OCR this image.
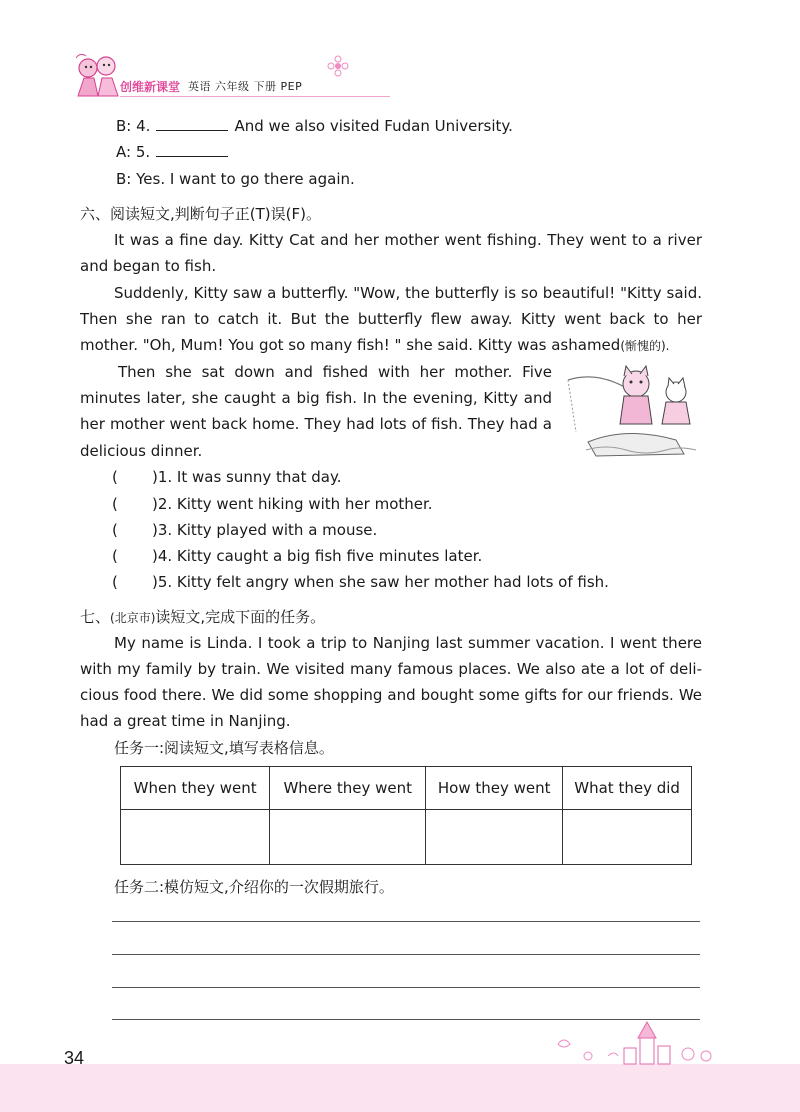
创维新课堂 英语 六年级 下册 PEP
B: 4.	And we also visited Fudan University.
A: 5.
B: Yes. I want to go there again.
六、阅读短文,判断句子正(T)误(F)。
It was a fine day. Kitty Cat and her mother went fishing. They went to a river
and began to fish.
Suddenly, Kitty saw a butterfly. "Wow, the butterfly is so beautiful! "Kitty said.
Then she ran to catch it. But the butterfly flew away. Kitty went back to her
mother. "Oh, Mum! You got so many fish! " she said. Kitty was ashamed(惭愧的).
Then she sat down and fished with her mother. Five
minutes later, she caught a big fish. In the evening, Kitty and
her mother went back home. They had lots of fish. They had a
delicious dinner.
( )1. It was sunny that day.
( )2. Kitty went hiking with her mother.
( )3. Kitty played with a mouse.
( )4. Kitty caught a big fish five minutes later.
( )5. Kitty felt angry when she saw her mother had lots of fish.
七、(北京市)读短文,完成下面的任务。
My name is Linda. I took a trip to Nanjing last summer vacation. I went there
with my family by train. We visited many famous places. We also ate a lot of deli-
cious food there. We did some shopping and bought some gifts for our friends. We
had a great time in Nanjing.
任务一:阅读短文,填写表格信息。
When they went	Where they went	How they went	What they did

任务二:模仿短文,介绍你的一次假期旅行。
34
